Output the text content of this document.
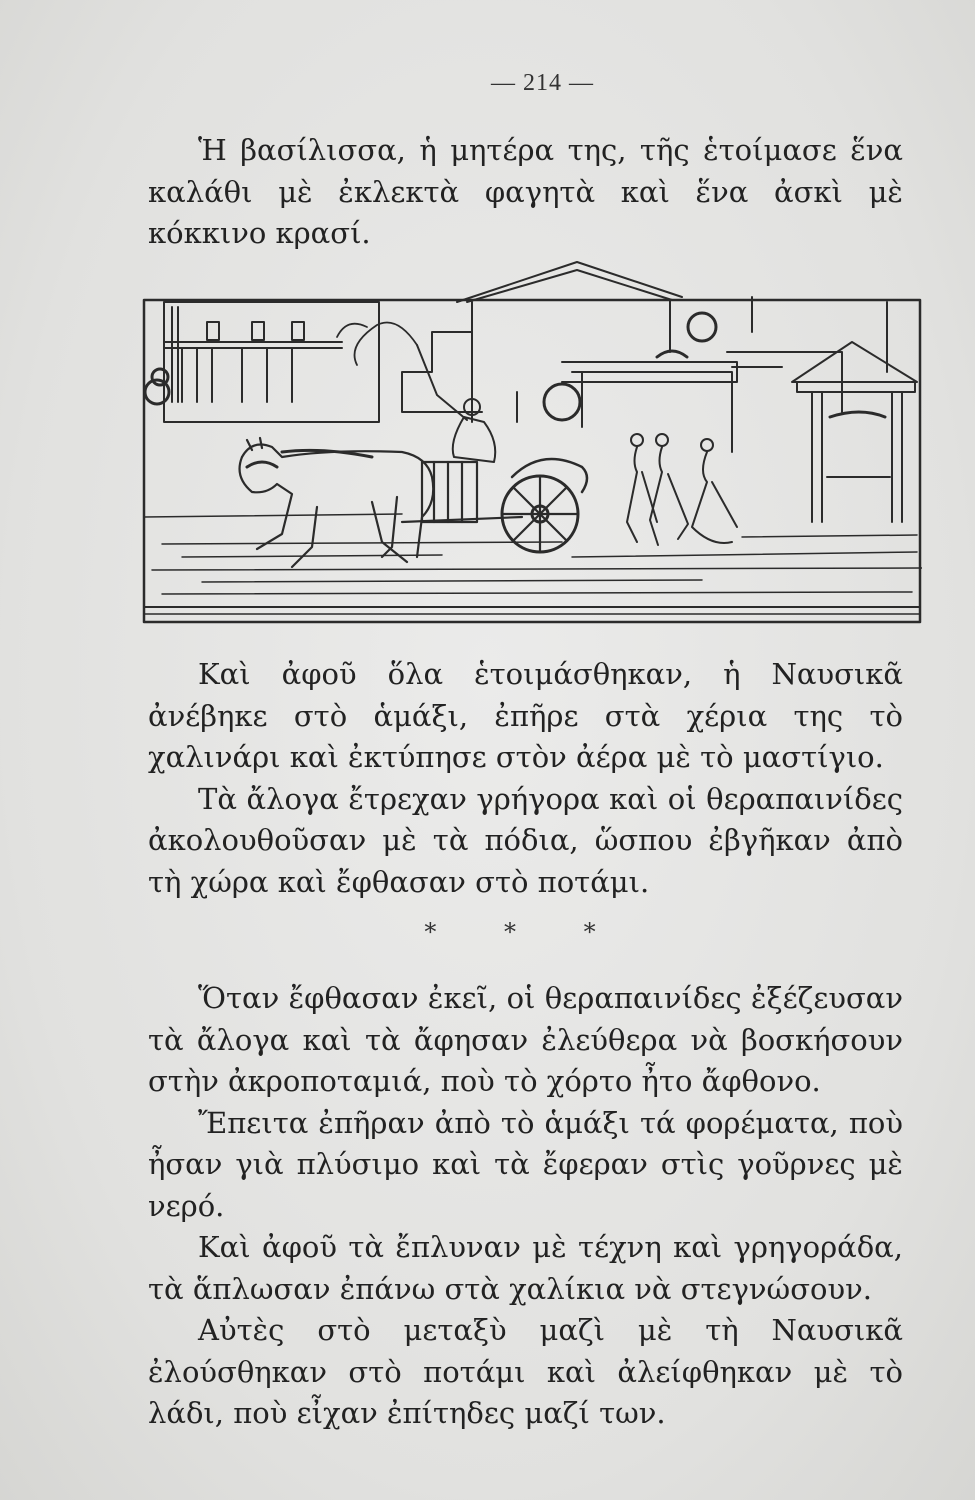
— 214 —

Ἡ βασίλισσα, ἡ μητέρα της, τῆς ἑτοίμασε ἕνα καλάθι μὲ ἐκλεκτὰ φαγητὰ καὶ ἕνα ἀσκὶ μὲ κόκκινο κρασί.

Καὶ ἀφοῦ ὅλα ἑτοιμάσθηκαν, ἡ Ναυσικᾶ ἀνέβηκε στὸ ἁμάξι, ἐπῆρε στὰ χέρια της τὸ χαλινάρι καὶ ἐκτύπησε στὸν ἀέρα μὲ τὸ μαστίγιο.

Τὰ ἄλογα ἔτρεχαν γρήγορα καὶ οἱ θεραπαινίδες ἀκολουθοῦσαν μὲ τὰ πόδια, ὥσπου ἐβγῆκαν ἀπὸ τὴ χώρα καὶ ἔφθασαν στὸ ποτάμι.

* * *

Ὅταν ἔφθασαν ἐκεῖ, οἱ θεραπαινίδες ἐξέζευσαν τὰ ἄλογα καὶ τὰ ἄφησαν ἐλεύθερα νὰ βοσκήσουν στὴν ἀκροποταμιά, ποὺ τὸ χόρτο ἦτο ἄφθονο.

Ἔπειτα ἐπῆραν ἀπὸ τὸ ἁμάξι τά φορέματα, ποὺ ἦσαν γιὰ πλύσιμο καὶ τὰ ἔφεραν στὶς γοῦρνες μὲ νερό.

Καὶ ἀφοῦ τὰ ἔπλυναν μὲ τέχνη καὶ γρηγοράδα, τὰ ἅπλωσαν ἐπάνω στὰ χαλίκια νὰ στεγνώσουν.

Αὐτὲς στὸ μεταξὺ μαζὶ μὲ τὴ Ναυσικᾶ ἐλούσθηκαν στὸ ποτάμι καὶ ἀλείφθηκαν μὲ τὸ λάδι, ποὺ εἶχαν ἐπίτηδες μαζί των.
